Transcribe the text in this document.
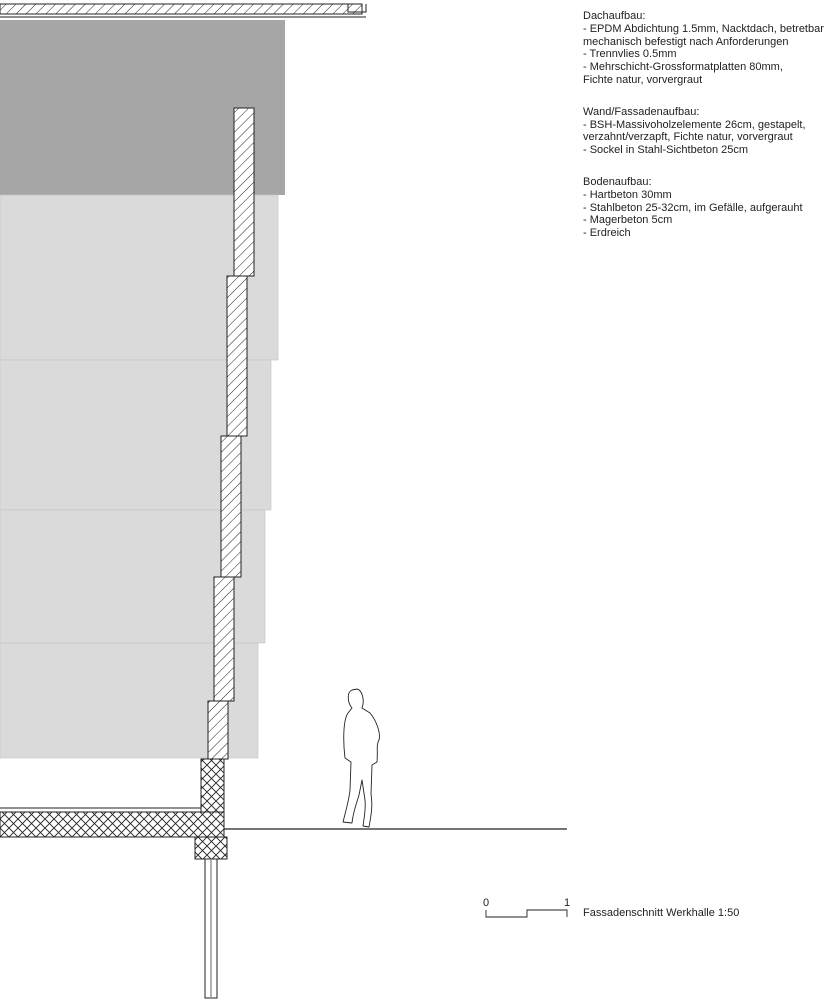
Dachaufbau:
- EPDM Abdichtung 1.5mm, Nacktdach, betretbar
mechanisch befestigt nach Anforderungen
- Trennvlies 0.5mm
- Mehrschicht-Grossformatplatten 80mm,
Fichte natur, vorvergraut
Wand/Fassadenaufbau:
- BSH-Massivoholzelemente 26cm, gestapelt,
verzahnt/verzapft, Fichte natur, vorvergraut
- Sockel in Stahl-Sichtbeton 25cm
Bodenaufbau:
- Hartbeton 30mm
- Stahlbeton 25-32cm, im Gefälle, aufgerauht
- Magerbeton 5cm
- Erdreich
0	1
Fassadenschnitt Werkhalle 1:50
